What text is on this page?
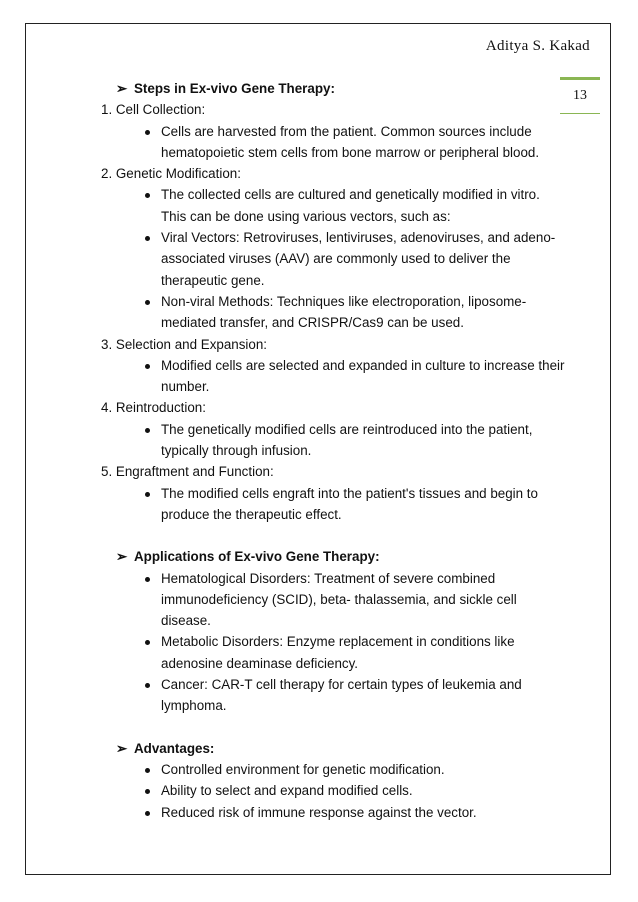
Aditya S. Kakad
13
➢ Steps in Ex-vivo Gene Therapy:
1. Cell Collection:
Cells are harvested from the patient. Common sources include hematopoietic stem cells from bone marrow or peripheral blood.
2. Genetic Modification:
The collected cells are cultured and genetically modified in vitro. This can be done using various vectors, such as:
Viral Vectors: Retroviruses, lentiviruses, adenoviruses, and adeno-associated viruses (AAV) are commonly used to deliver the therapeutic gene.
Non-viral Methods: Techniques like electroporation, liposome-mediated transfer, and CRISPR/Cas9 can be used.
3. Selection and Expansion:
Modified cells are selected and expanded in culture to increase their number.
4. Reintroduction:
The genetically modified cells are reintroduced into the patient, typically through infusion.
5. Engraftment and Function:
The modified cells engraft into the patient's tissues and begin to produce the therapeutic effect.
➢ Applications of Ex-vivo Gene Therapy:
Hematological Disorders: Treatment of severe combined immunodeficiency (SCID), beta- thalassemia, and sickle cell disease.
Metabolic Disorders: Enzyme replacement in conditions like adenosine deaminase deficiency.
Cancer: CAR-T cell therapy for certain types of leukemia and lymphoma.
➢ Advantages:
Controlled environment for genetic modification.
Ability to select and expand modified cells.
Reduced risk of immune response against the vector.
